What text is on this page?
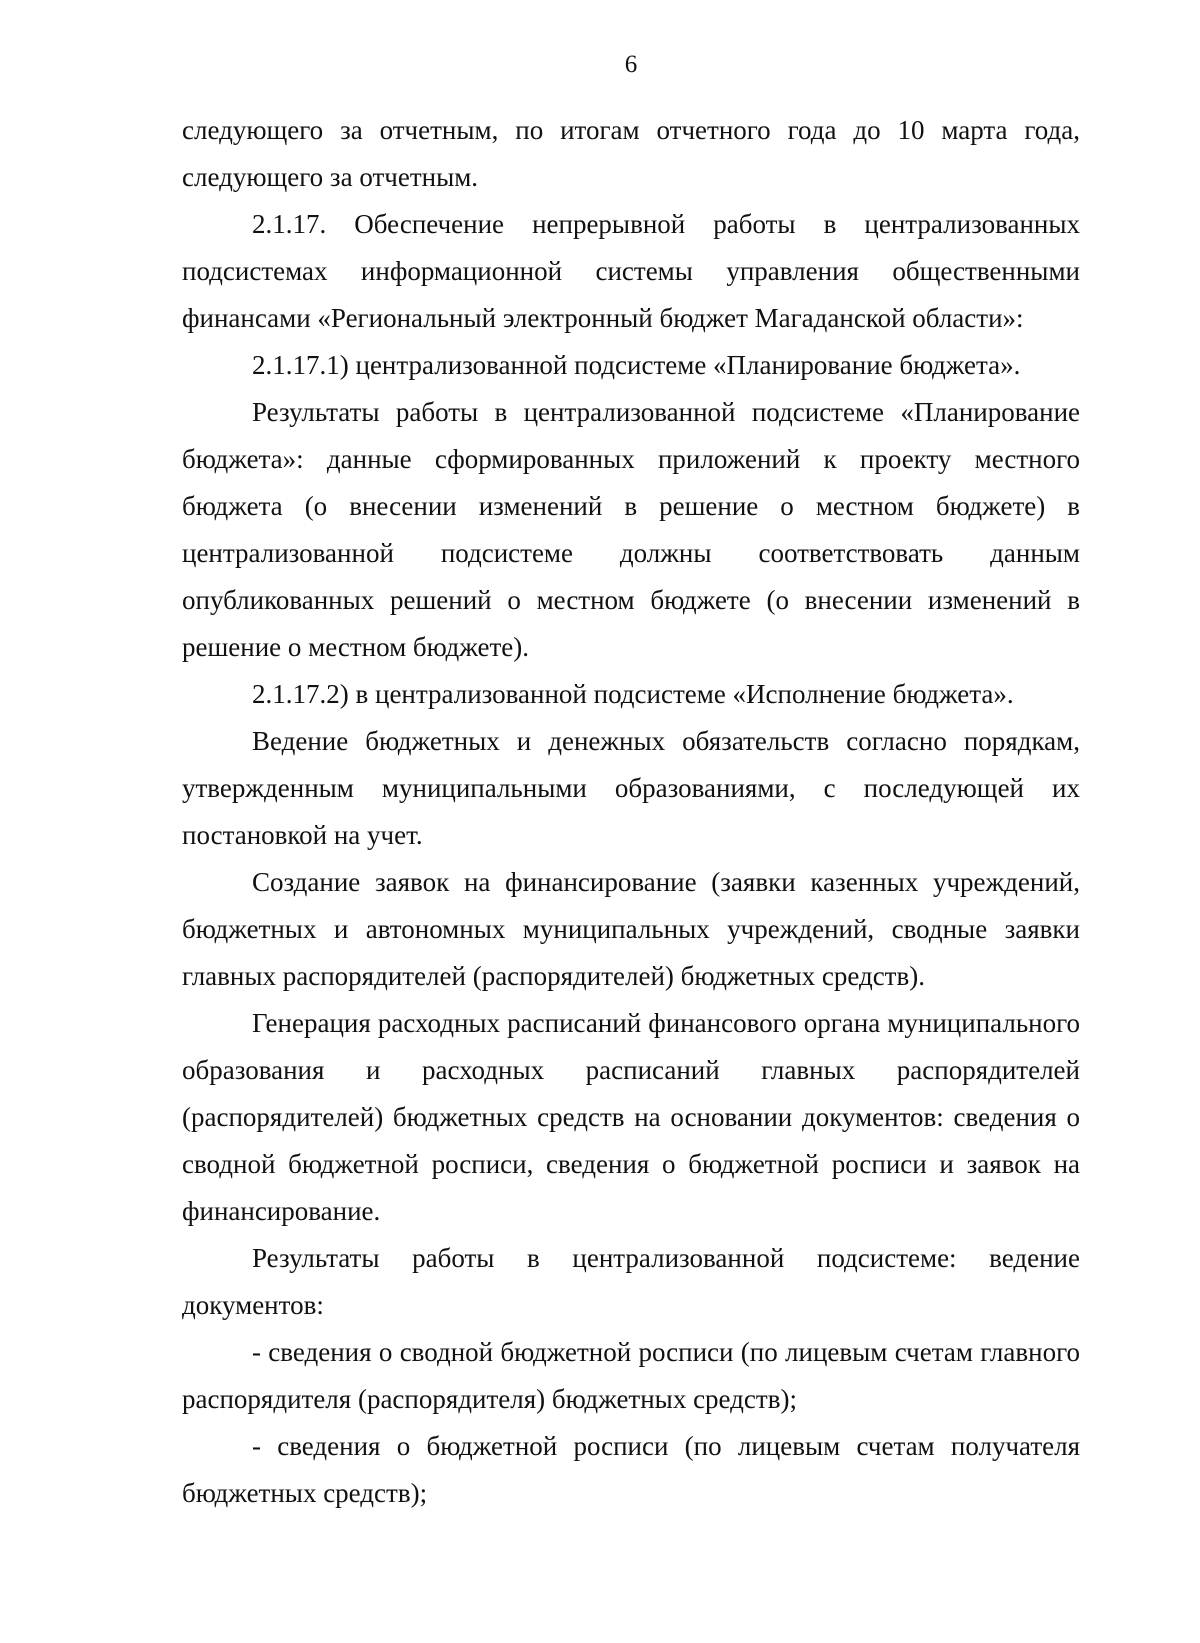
6

следующего за отчетным, по итогам отчетного года до 10 марта года, следующего за отчетным.

2.1.17. Обеспечение непрерывной работы в централизованных подсистемах информационной системы управления общественными финансами «Региональный электронный бюджет Магаданской области»:

2.1.17.1) централизованной подсистеме «Планирование бюджета».

Результаты работы в централизованной подсистеме «Планирование бюджета»: данные сформированных приложений к проекту местного бюджета (о внесении изменений в решение о местном бюджете) в централизованной подсистеме должны соответствовать данным опубликованных решений о местном бюджете (о внесении изменений в решение о местном бюджете).

2.1.17.2) в централизованной подсистеме «Исполнение бюджета».

Ведение бюджетных и денежных обязательств согласно порядкам, утвержденным муниципальными образованиями, с последующей их постановкой на учет.

Создание заявок на финансирование (заявки казенных учреждений, бюджетных и автономных муниципальных учреждений, сводные заявки главных распорядителей (распорядителей) бюджетных средств).

Генерация расходных расписаний финансового органа муниципального образования и расходных расписаний главных распорядителей (распорядителей) бюджетных средств на основании документов: сведения о сводной бюджетной росписи, сведения о бюджетной росписи и заявок на финансирование.

Результаты работы в централизованной подсистеме: ведение документов:

- сведения о сводной бюджетной росписи (по лицевым счетам главного распорядителя (распорядителя) бюджетных средств);

- сведения о бюджетной росписи (по лицевым счетам получателя бюджетных средств);
